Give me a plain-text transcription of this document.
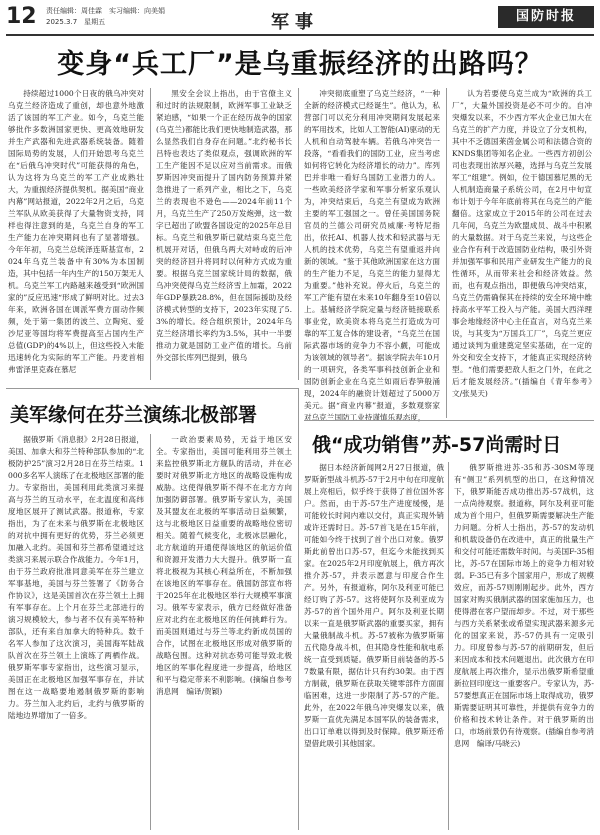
12 责任编辑：周佳霖　实习编辑：向美娟
2025.3.7　星期五	军事	国防时报
变身“兵工厂”是乌重振经济的出路吗？
持续超过1000个日夜的俄乌冲突对乌克兰经济造成了重创，却也意外地激活了该国的军工产业。如今，乌克兰能够批作多数洲国家更快、更高效地研发并生产武器和先进武器系统装备。随着国际局势的发展，人们开始思考乌克兰在“后俄乌冲突时代”可能获得的角色，认为这将为乌克兰的军工产业成熟壮大，为重振经济提供契机。据美国“商业内幕”网站报道，2022年2月之后，乌克兰军队从欧美获得了大量物资支持，同样也得注意到的是，乌克兰自身的军工生产能力在冲突期间也有了显著增强。今年年初，乌克兰总统泽连斯基宣布，2024年乌克兰装备中有30%为本国制造，其中包括一年内生产的150万架无人机。乌克兰军工内路越来越受到“欧洲国家的”反应迅速“形成了鲜明对比。过去3年来，欧洲各国在调派军费方面动作频频，处于第一集团的波兰、立陶宛、爱沙尼亚等国均将军费提高至占国内生产总值(GDP)的4%以上，但这些投入未能迅速转化为实际的军工产能。丹麦首相弗雷泽里克森在慕尼
黑安全会议上指出，由于官僚主义和过时的法规限制，欧洲军事工业缺乏紧迫感，“如果一个正在经历战争的国家(乌克兰)都能比我们更快地制造武器，那么显然我们自身存在问题。”北约秘书长吕特也表达了类似观点，强调欧洲的军工生产能因不足以应对当前需求。而俄罗斯因冲突而提升了国内防务预算并紧急推进了一系列产业，相比之下，乌克兰的表现也不逊色——2024年前11个月，乌克兰生产了250万发炮弹，这一数字已超出了欧盟各国设定的2025年总目标。乌克兰和俄罗斯已就结束乌克兰危机展开对话，但俄乌两大对峙或的后冲突的经济回升将同时以何种方式成为重要。根据乌克兰国家统计局的数据，俄乌冲突使得乌克兰经济雪上加霜，2022年GDP暴跌28.8%，但在国际援助及经济模式转型的支持下，2023年实现了5.3%的增长。经合组织预计，2024年乌克兰经济增长率约为3.5%，其中一半要推动力就是国防工业产值的增长。乌前外交部长库列巴提到，俄乌
冲突彻底重塑了乌克兰经济，“一种全新的经济模式已经诞生”。他认为，私营部门可以充分利用冲突期间发展起来的军用技术，比如人工智能(AI)驱动的无人机和自动驾驶车辆。若俄乌冲突告一段落，“看看我们的国防工业，应当考虑如何将它转化为经济增长的动力”。库列巴并非唯一看好乌国防工业潜力的人。一些欧美经济学家和军事分析家乐观认为，冲突结束后，乌克兰有望成为欧洲主要的军工强国之一。曾任美国国务院官员的兰德公司研究员威廉·考特尼指出，依托AI、机器人技术和轻武器与无人机的技术优势，乌克兰有望重返并向新的领域。“鉴于其他欧洲国家在这方面的生产能力不足，乌克兰的能力显得尤为重要。”他补充说。停火后，乌克兰的军工产能有望在未来10年翻身至10倍以上。基辅经济学院定量与经济链接联系事业党，欧美资本将乌克兰打造成为可靠的军工复合体的建设者，“乌克兰在国际武器市场的竞争力不容小觑，可能成为该领域的领导者”。据该学院去年10月的一项研究，各类军事科技创新企业和国防创新企业在乌克兰如雨后春笋般涌现，2024年的融资计划超过了5000万美元。据“商业内幕”报道，多数观察家对乌克兰国防工业持谨慎乐观态度，
认为若要使乌克兰成为“欧洲的兵工厂”，大量外国投资是必不可少的。自冲突爆发以来，不少西方军火企业已加大在乌克兰的扩产力度，并设立了分支机构，其中不乏德国莱茵金属公司和法德合资的KNDS集团等知名企业。一些西方初创公司也表现出浓厚兴趣，选择与乌克兰发展军工“组建”。例如，位于德国慕尼黑的无人机制造商量子系统公司，在2月中旬宣布计划于今年年底前将其在乌克兰的产能翻倍。这家成立于2015年的公司在过去几年间，乌克兰为欧盟成员、战斗中积累的大量数据。对于乌克兰来说，与这些企业合作有利于改造国防业结构，吸引外资并加强军事和民用产业研发生产能力的良性循环，从而带来社会和经济效益。然而，也有观点指出，即便俄乌冲突结束，乌克兰仍需确保其在持续的安全环境中维持高水平军工投入与产能。美国大西洋理事会地缘经济中心主任直言，对乌克兰来说，与其变为“万国兵工厂”，乌克兰更应通过谈判为重建奠定坚实基础，在一定的外交和安全支持下，才能真正实现经济转型。“他们需要把敌人拒之门外，在此之后才能发展经济。”(插编自《青年参考》　文/张昊天)
美军缘何在芬兰演练北极部署
据俄罗斯《消息报》2月28日报道，美国、加拿大和芬兰特种部队参加的“北极防护25”演习2月28日在芬兰结束。1000多名军人演练了在北极地区部署的能力。专家指出，美国利用此类演习来提高与芬兰的互动水平，在北温度和高纬度地区展开了测试武器。报道称，专家指出，为了在未来与俄罗斯在北极地区的对抗中拥有更好的优势，芬兰必须更加融入北约。美国和芬兰都希望通过这类演习来展示联合作战能力。今年1月，由于芬兰政府批准同意美军在芬兰建立军事基地，美国与芬兰签署了《防务合作协议》，这是美国首次在芬兰领土上拥有军事存在。上个月在芬兰北部进行的演习规模较大，参与者不仅有美军特种部队，还有来自加拿大的特种兵。数千名军人参加了这次演习，美国海军陆战队首次在芬兰领土上演练了两栖作战。俄罗斯军事专家指出，这些演习显示，美国正在北极地区加强军事存在，并试图在这一战略要地遏制俄罗斯的影响力。芬兰加入北约后，北约与俄罗斯的陆地边界增加了一倍多。
一政治要素局势，无益于地区安全。专家指出，美国可能利用芬兰领土来监控俄罗斯北方舰队的活动，并在必要时对俄罗斯北方地区的战略设施构成威胁。这使得俄罗斯不得不在北方方向加强防御部署。俄罗斯专家认为，美国及其盟友在北极的军事活动日益频繁，这与北极地区日益重要的战略地位密切相关。随着气候变化，北极冰层融化，北方航道的开通使得该地区的航运价值和资源开发潜力大大提升。俄罗斯一直将北极视为其核心利益所在，不断加强在该地区的军事存在。俄国防部宣布将于2025年在北极地区举行大规模军事演习。俄军专家表示，俄方已经做好准备应对北约在北极地区的任何挑衅行为。而美国则通过与芬兰等北约新成员国的合作，试图在北极地区形成对俄罗斯的战略包围。这种对抗态势可能导致北极地区的军事化程度进一步提高，给地区和平与稳定带来不利影响。(摘编自参考消息网　编译/贺颖)
俄“成功销售”苏-57尚需时日
据日本经济新闻网2月27日报道，俄罗斯新型战斗机苏-57于2月中旬在印度航展上亮相后，似乎终于获得了首位国外客户。然而，由于苏-57生产进度缓慢，是可能较长时间内难以交付，真正实现外销或许还需时日。苏-57首飞是在15年前，可能如今终于找到了首个出口对象。俄罗斯此前曾出口苏-57，但迄今未能找到买家。在2025年2月印度航展上，俄方再次推介苏-57，并表示愿意与印度合作生产。另外，有报道称，阿尔及利亚可能已经订购了苏-57。这将使阿尔及利亚成为苏-57的首个国外用户。阿尔及利亚长期以来一直是俄罗斯武器的重要买家，拥有大量俄制战斗机。苏-57被称为俄罗斯第五代隐身战斗机，但其隐身性能和航电系统一直受到质疑。俄罗斯目前装备的苏-57数量有限，据估计只有约30架。由于西方制裁，俄罗斯在获取关键零部件方面面临困难，这进一步限制了苏-57的产能。此外，在2022年俄乌冲突爆发以来，俄罗斯一直优先满足本国军队的装备需求，出口订单难以得到及时保障。俄罗斯还希望借此吸引其他国家。
俄罗斯推进苏-35和苏-30SM等现有“侧卫”系列机型的出口，在这种情况下，俄罗斯能否成功推出苏-57战机，这一点尚待观察。报道称，阿尔及利亚可能成为首个用户，但俄罗斯需要解决生产能力问题。分析人士指出，苏-57的发动机和机载设备仍在改进中，真正的批量生产和交付可能还需数年时间。与美国F-35相比，苏-57在国际市场上的竞争力相对较弱。F-35已有多个国家用户，形成了规模效应，而苏-57则刚刚起步。此外，西方国家对购买俄制武器的国家施加压力，也使得潜在客户望而却步。不过，对于那些与西方关系紧张或希望实现武器来源多元化的国家来说，苏-57仍具有一定吸引力。印度曾参与苏-57的前期研发，但后来因成本和技术问题退出。此次俄方在印度航展上再次推介，显示出俄罗斯希望重新拉回印度这一重要客户。专家认为，苏-57要想真正在国际市场上取得成功，俄罗斯需要证明其可靠性，并提供有竞争力的价格和技术转让条件。对于俄罗斯的出口，市场前景仍有待观察。(插编自参考消息网　编译/马晓云)
